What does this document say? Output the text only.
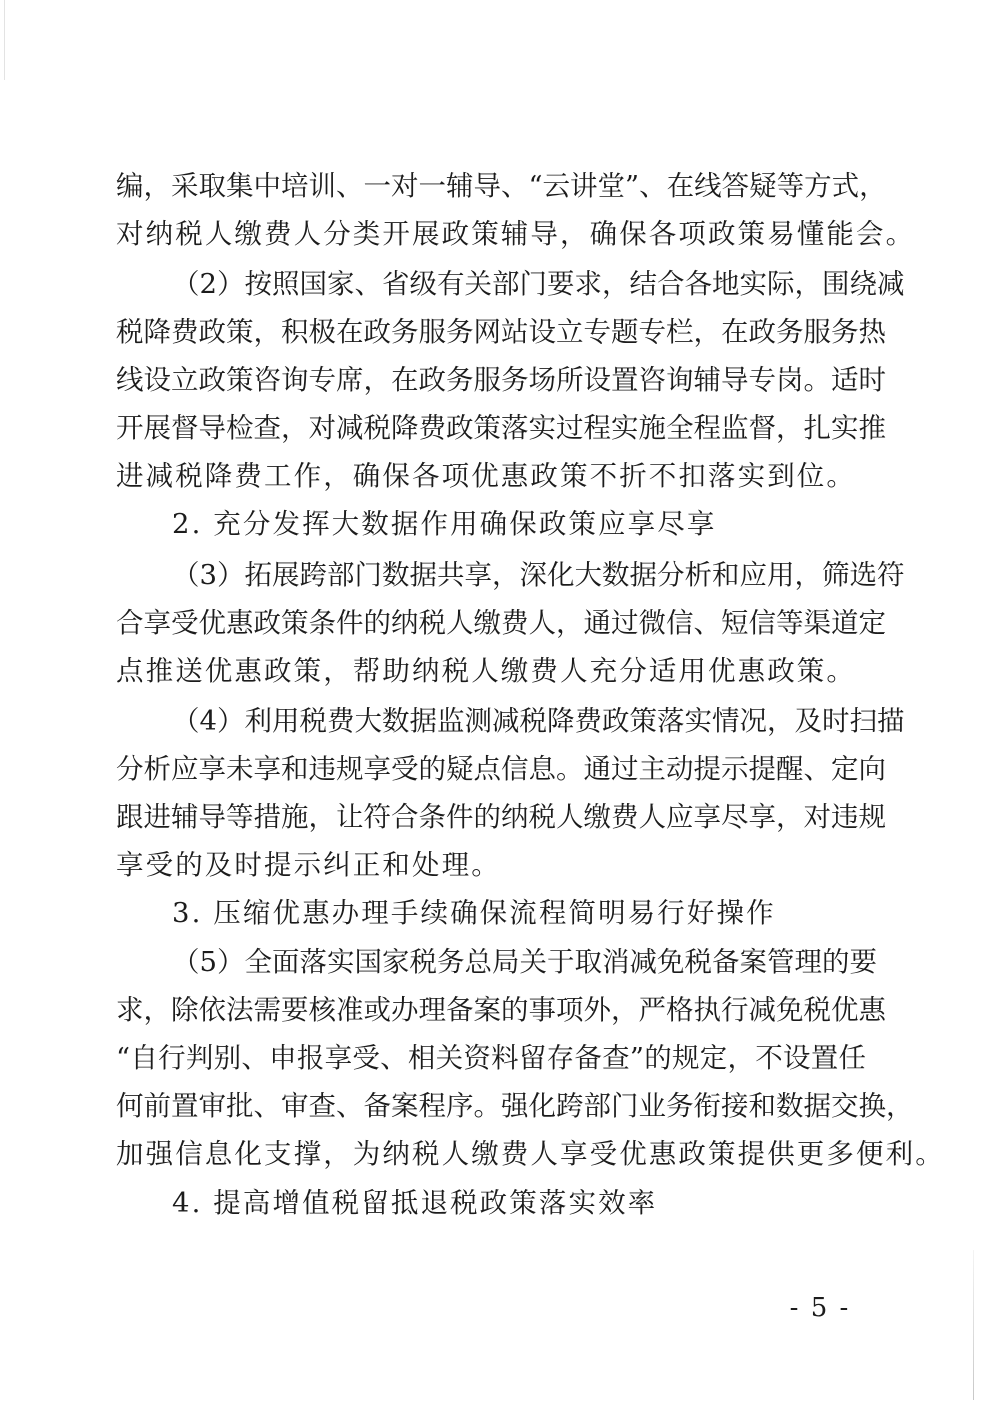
编，采取集中培训、一对一辅导、“云讲堂”、在线答疑等方式，
对纳税人缴费人分类开展政策辅导，确保各项政策易懂能会。
（2）按照国家、省级有关部门要求，结合各地实际，围绕减
税降费政策，积极在政务服务网站设立专题专栏，在政务服务热
线设立政策咨询专席，在政务服务场所设置咨询辅导专岗。适时
开展督导检查，对减税降费政策落实过程实施全程监督，扎实推
进减税降费工作，确保各项优惠政策不折不扣落实到位。
2. 充分发挥大数据作用确保政策应享尽享
（3）拓展跨部门数据共享，深化大数据分析和应用，筛选符
合享受优惠政策条件的纳税人缴费人，通过微信、短信等渠道定
点推送优惠政策，帮助纳税人缴费人充分适用优惠政策。
（4）利用税费大数据监测减税降费政策落实情况，及时扫描
分析应享未享和违规享受的疑点信息。通过主动提示提醒、定向
跟进辅导等措施，让符合条件的纳税人缴费人应享尽享，对违规
享受的及时提示纠正和处理。
3. 压缩优惠办理手续确保流程简明易行好操作
（5）全面落实国家税务总局关于取消减免税备案管理的要
求，除依法需要核准或办理备案的事项外，严格执行减免税优惠
“自行判别、申报享受、相关资料留存备查”的规定，不设置任
何前置审批、审查、备案程序。强化跨部门业务衔接和数据交换，
加强信息化支撑，为纳税人缴费人享受优惠政策提供更多便利。
4. 提高增值税留抵退税政策落实效率
- 5 -
